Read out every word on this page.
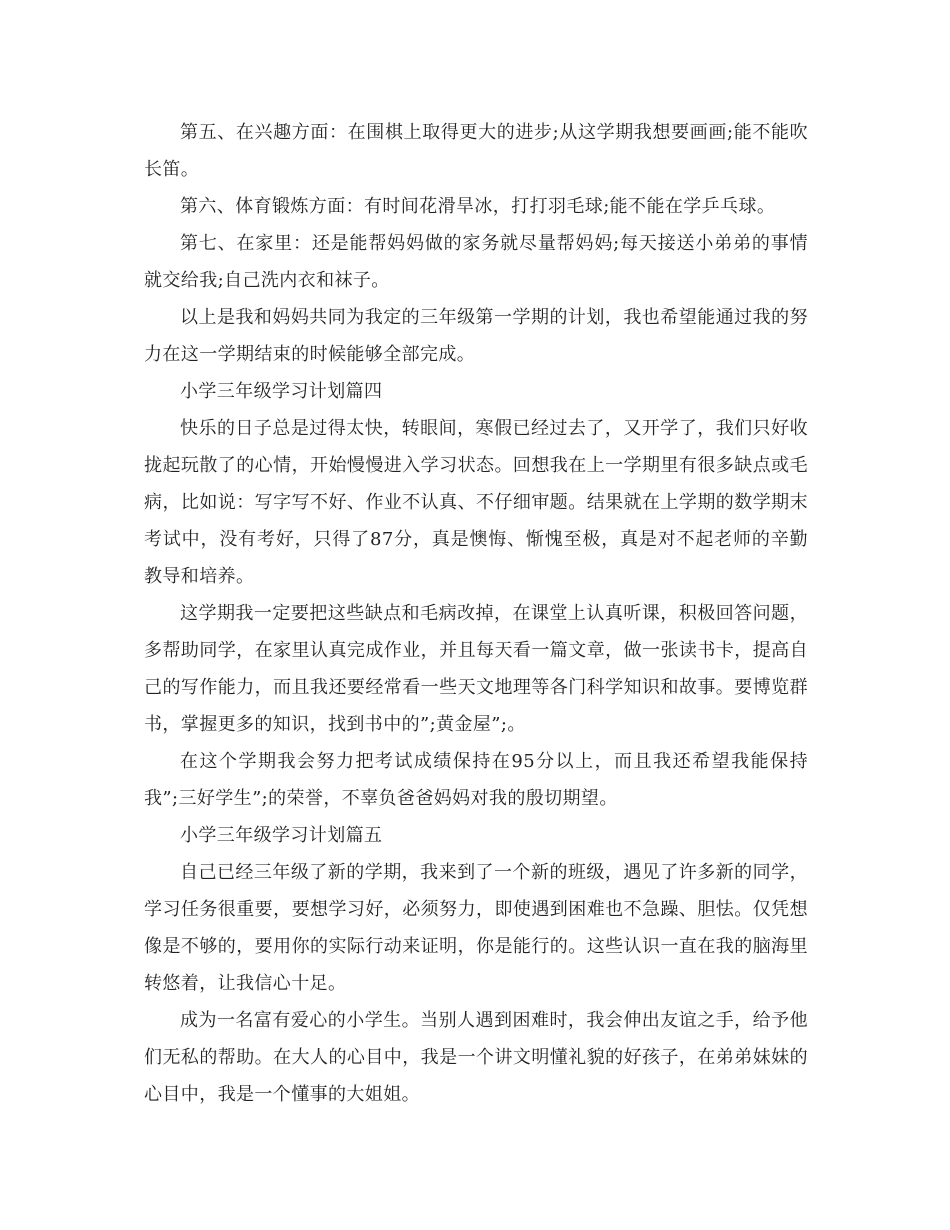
第五、在兴趣方面：在围棋上取得更大的进步;从这学期我想要画画;能不能吹长笛。

第六、体育锻炼方面：有时间花滑旱冰，打打羽毛球;能不能在学乒乓球。

第七、在家里：还是能帮妈妈做的家务就尽量帮妈妈;每天接送小弟弟的事情就交给我;自己洗内衣和袜子。

以上是我和妈妈共同为我定的三年级第一学期的计划，我也希望能通过我的努力在这一学期结束的时候能够全部完成。

小学三年级学习计划篇四

快乐的日子总是过得太快，转眼间，寒假已经过去了，又开学了，我们只好收拢起玩散了的心情，开始慢慢进入学习状态。回想我在上一学期里有很多缺点或毛病，比如说：写字写不好、作业不认真、不仔细审题。结果就在上学期的数学期末考试中，没有考好，只得了87分，真是懊悔、惭愧至极，真是对不起老师的辛勤教导和培养。

这学期我一定要把这些缺点和毛病改掉，在课堂上认真听课，积极回答问题，多帮助同学，在家里认真完成作业，并且每天看一篇文章，做一张读书卡，提高自己的写作能力，而且我还要经常看一些天文地理等各门科学知识和故事。要博览群书，掌握更多的知识，找到书中的”;黄金屋”;。

在这个学期我会努力把考试成绩保持在95分以上，而且我还希望我能保持我”;三好学生”;的荣誉，不辜负爸爸妈妈对我的殷切期望。

小学三年级学习计划篇五

自己已经三年级了新的学期，我来到了一个新的班级，遇见了许多新的同学，学习任务很重要，要想学习好，必须努力，即使遇到困难也不急躁、胆怯。仅凭想像是不够的，要用你的实际行动来证明，你是能行的。这些认识一直在我的脑海里转悠着，让我信心十足。

成为一名富有爱心的小学生。当别人遇到困难时，我会伸出友谊之手，给予他们无私的帮助。在大人的心目中，我是一个讲文明懂礼貌的好孩子，在弟弟妹妹的心目中，我是一个懂事的大姐姐。
